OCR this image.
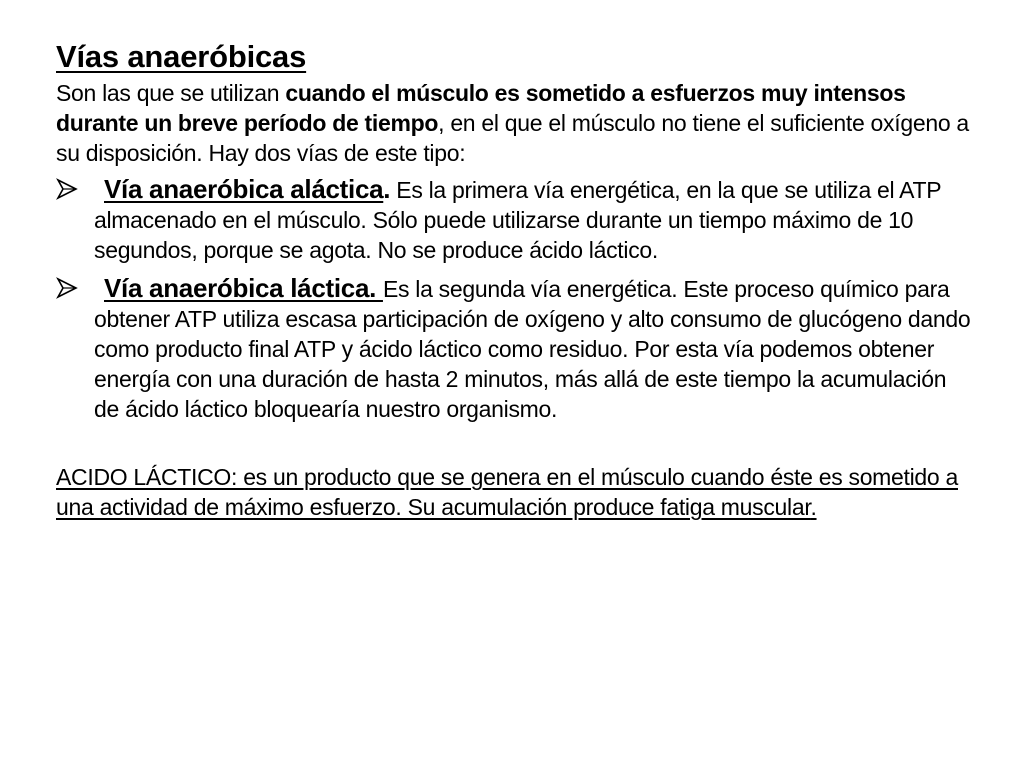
Vías anaeróbicas

Son las que se utilizan cuando el músculo es sometido a esfuerzos muy intensos durante un breve período de tiempo, en el que el músculo no tiene el suficiente oxígeno a su disposición. Hay dos vías de este tipo:

Vía anaeróbica aláctica. Es la primera vía energética, en la que se utiliza el ATP almacenado en el músculo. Sólo puede utilizarse durante un tiempo máximo de 10 segundos, porque se agota. No se produce ácido láctico.
Vía anaeróbica láctica. Es la segunda vía energética. Este proceso químico para obtener ATP utiliza escasa participación de oxígeno y alto consumo de glucógeno dando como producto final ATP y ácido láctico como residuo. Por esta vía podemos obtener energía con una duración de hasta 2 minutos, más allá de este tiempo la acumulación de ácido láctico bloquearía nuestro organismo.

ACIDO LÁCTICO: es un producto que se genera en el músculo cuando éste es sometido a una actividad de máximo esfuerzo. Su acumulación produce fatiga muscular.
